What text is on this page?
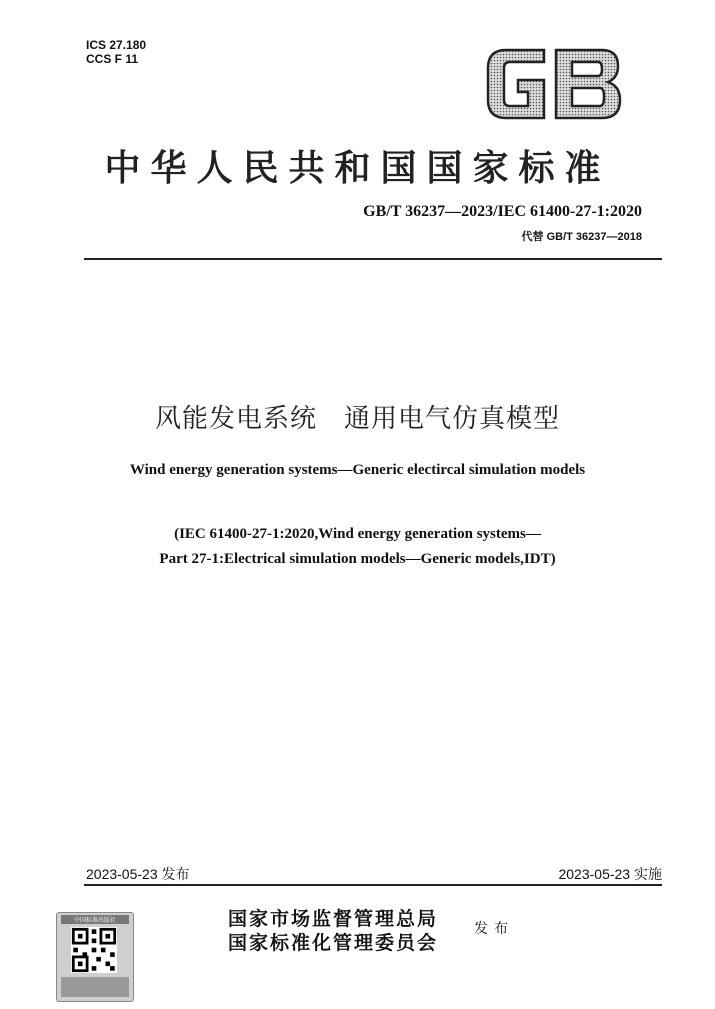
ICS 27.180
CCS F 11
中华人民共和国国家标准
GB/T 36237—2023/IEC 61400-27-1:2020
代替 GB/T 36237—2018
风能发电系统　通用电气仿真模型
Wind energy generation systems—Generic electircal simulation models
(IEC 61400-27-1:2020,Wind energy generation systems—
Part 27-1:Electrical simulation models—Generic models,IDT)
2023-05-23 发布	2023-05-23 实施
中国标准出版社	国家市场监督管理总局
国家标准化管理委员会
发布
